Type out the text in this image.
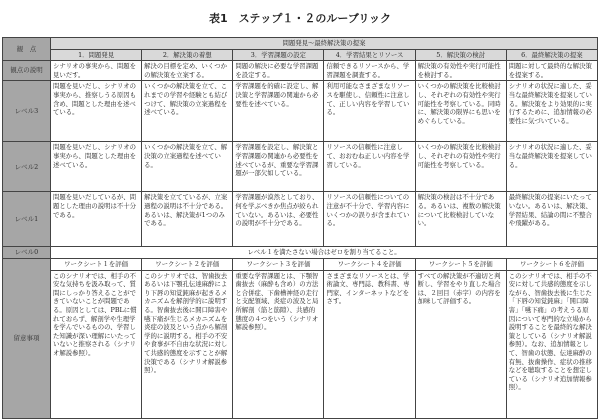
表1　ステップ１・２のルーブリック
観　点	問題発見〜最終解決策の提案					
	1．問題発見	2．解決策の着想	3．学習課題の設定	4．学習結果とリソース	5．解決策の検討	6．最終解決策の提案
観点の説明	シナリオの事実から、問題を見いだす。	解決の目標を定め、いくつかの解決策を立案する。	問題の解決に必要な学習課題を設定する。	信頼できるリソースから、学習課題を調査する。	解決策の有効性や実行可能性を検討する。	問題に対して最終的な解決策を提案する。
レベル3	問題を見いだし、シナリオの事実から、推察しうる原因も含め、問題とした理由を述べている。	いくつかの解決策を立て、これまでの学習や経験とも結びつけて、解決策の立案過程を述べている。	学習課題を的確に設定し、解決策と学習課題の関連から必要性を述べている。	利用可能なさまざまなリソースを駆使し、信頼性に注意して、正しい内容を学習している。	いくつかの解決策を比較検討し、それぞれの有効性や実行可能性を考察している。同時に、解決策の限界にも思いをめぐらしている。	シナリオの状況に適した、妥当な最終解決策を提案している。解決策をより効果的に実行するために、追加情報の必要性に気づいている。
レベル2	問題を見いだし、シナリオの事実から、問題とした理由を述べている。	いくつかの解決策を立て、解決策の立案過程を述べている。	学習課題を設定し、解決策と学習課題の関連から必要性を述べているが、重要な学習課題が一部欠如している。	リソースの信頼性に注意して、おおむね正しい内容を学習している。	いくつかの解決策を比較検討し、それぞれの有効性や実行可能性を考察している。	シナリオの状況に適した、妥当な最終解決策を提案している。
レベル1	問題を見いだしているが、問題とした理由の説明は不十分である。	解決策を立てているが、立案過程の説明は不十分である。あるいは、解決策が1つのみである。	学習課題が漠然としており、何を学ぶべきか焦点が絞られていない。あるいは、必要性の説明が不十分である。	リソースの信頼性についての注意が不十分で、学習内容にいくつかの誤りが含まれている。	解決策の検討は不十分である。あるいは、複数の解決策について比較検討していない。	最終解決策の提案にいたっていない。あるいは、解決策、学習結果、結論の間に不整合や飛躍がある。
レベル0	レベル１を満たさない場合はゼロを割り当てること。					
留意事項	ワークシート１を評価	ワークシート２を評価	ワークシート３を評価	ワークシート４を評価	ワークシート５を評価	ワークシート６を評価
	このシナリオでは、相手の不安な気持ちを汲み取って、質問にしっかり答えることができていないことが問題である。原因としては、PBLに慣れておらず、解剖学や生理学を学んでいるものの、学習した知識が深い理解にいたっていないと推察される（シナリオ解説参照）。	このシナリオでは、智歯抜去あるいは下顎孔伝達麻酔により下唇の知覚鈍麻が起きるメカニズムを解剖学的に説明する。智歯抜去後に開口障害や嚥下痛が生じるメカニズムを炎症の波及という点から解剖学的に説明する。相手の不安や食事が不自由な状況に対して共感的態度を示すことが解決策である（シナリオ解説参照）。	重要な学習課題とは、下顎智歯抜去（麻酔も含め）の方法と合併症、下歯槽神経の走行と支配領域、炎症の波及と局所解剖（筋と筋隙）、共感的態度の４つをいう（シナリオ解説参照）。	さまざまなリソースとは、学術論文、専門誌、教科書、専門家、インターネットなどをさす。	すべての解決策が不適切と判断し、学習をやり直した場合は、２回目（赤字）の内容を加味して評価する。	このシナリオでは、相手の不安に対して共感的態度を示しながら、智歯抜去後に生じた「下唇の知覚鈍麻」「開口障害」「嚥下痛」の考えうる原因について専門的な立場から説明することを最終的な解決策としている（シナリオ解説参照）。なお、追加情報として、智歯の状態、伝達麻酔の有無、抜歯操作、症状の推移などを聴取することを想定している（シナリオ追加情報参照）。
